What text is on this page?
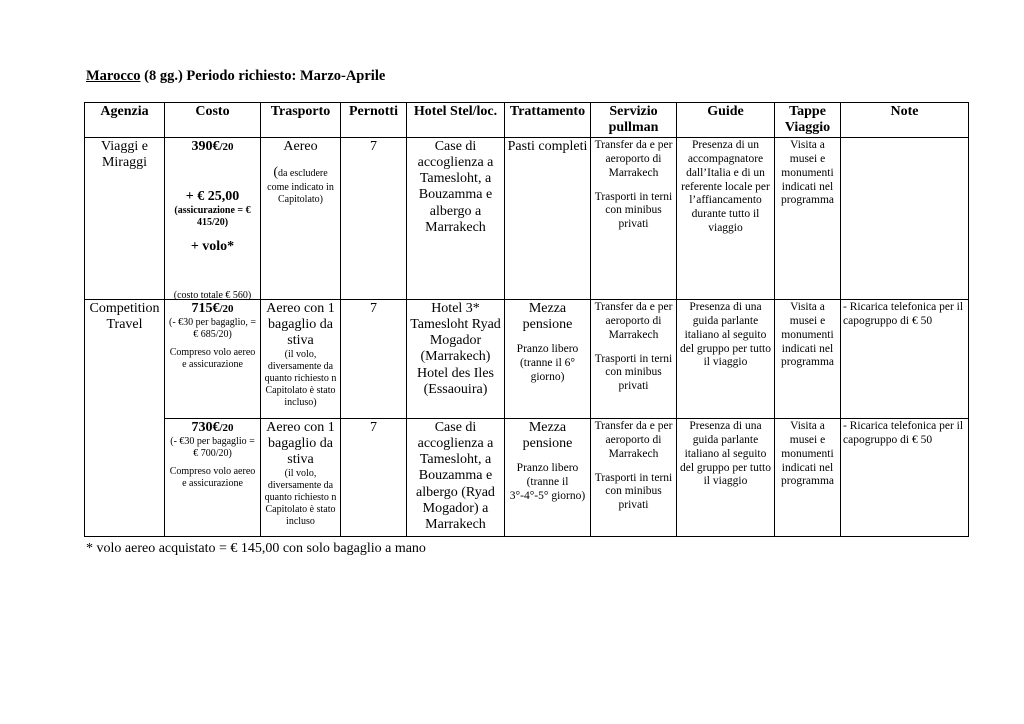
Marocco (8 gg.) Periodo richiesto: Marzo-Aprile
Agenzia	Costo	Trasporto	Pernotti	Hotel Stel/loc.	Trattamento	Servizio pullman	Guide	Tappe Viaggio	Note

Viaggi e Miraggi	390€/20
+ € 25,00
(assicurazione = € 415/20)
+ volo*
(costo totale € 560)	Aereo
(da escludere come indicato in Capitolato)	7	Case di accoglienza a Tamesloht, a Bouzamma e albergo a Marrakech	Pasti completi	Transfer da e per aeroporto di Marrakech
Trasporti in terni con minibus privati	Presenza di un accompagnatore dall’Italia e di un referente locale per l’affiancamento durante tutto il viaggio	Visita a musei e monumenti indicati nel programma	

Competition Travel	715€/20
(- €30 per bagaglio, = € 685/20)
Compreso volo aereo e assicurazione	Aereo con 1 bagaglio da stiva
(il volo, diversamente da quanto richiesto n Capitolato è stato incluso)	7	Hotel 3* Tamesloht Ryad Mogador (Marrakech) Hotel des Iles (Essaouira)	Mezza pensione
Pranzo libero (tranne il 6° giorno)	Transfer da e per aeroporto di Marrakech
Trasporti in terni con minibus privati	Presenza di una guida parlante italiano al seguito del gruppo per tutto il viaggio	Visita a musei e monumenti indicati nel programma	- Ricarica telefonica per il capogruppo di € 50

	730€/20
(- €30 per bagaglio = € 700/20)
Compreso volo aereo e assicurazione	Aereo con 1 bagaglio da stiva
(il volo, diversamente da quanto richiesto n Capitolato è stato incluso	7	Case di accoglienza a Tamesloht, a Bouzamma e albergo (Ryad Mogador) a Marrakech	Mezza pensione
Pranzo libero (tranne il 3°-4°-5° giorno)	Transfer da e per aeroporto di Marrakech
Trasporti in terni con minibus privati	Presenza di una guida parlante italiano al seguito del gruppo per tutto il viaggio	Visita a musei e monumenti indicati nel programma	- Ricarica telefonica per il capogruppo di € 50
* volo aereo acquistato = € 145,00 con solo bagaglio a mano
